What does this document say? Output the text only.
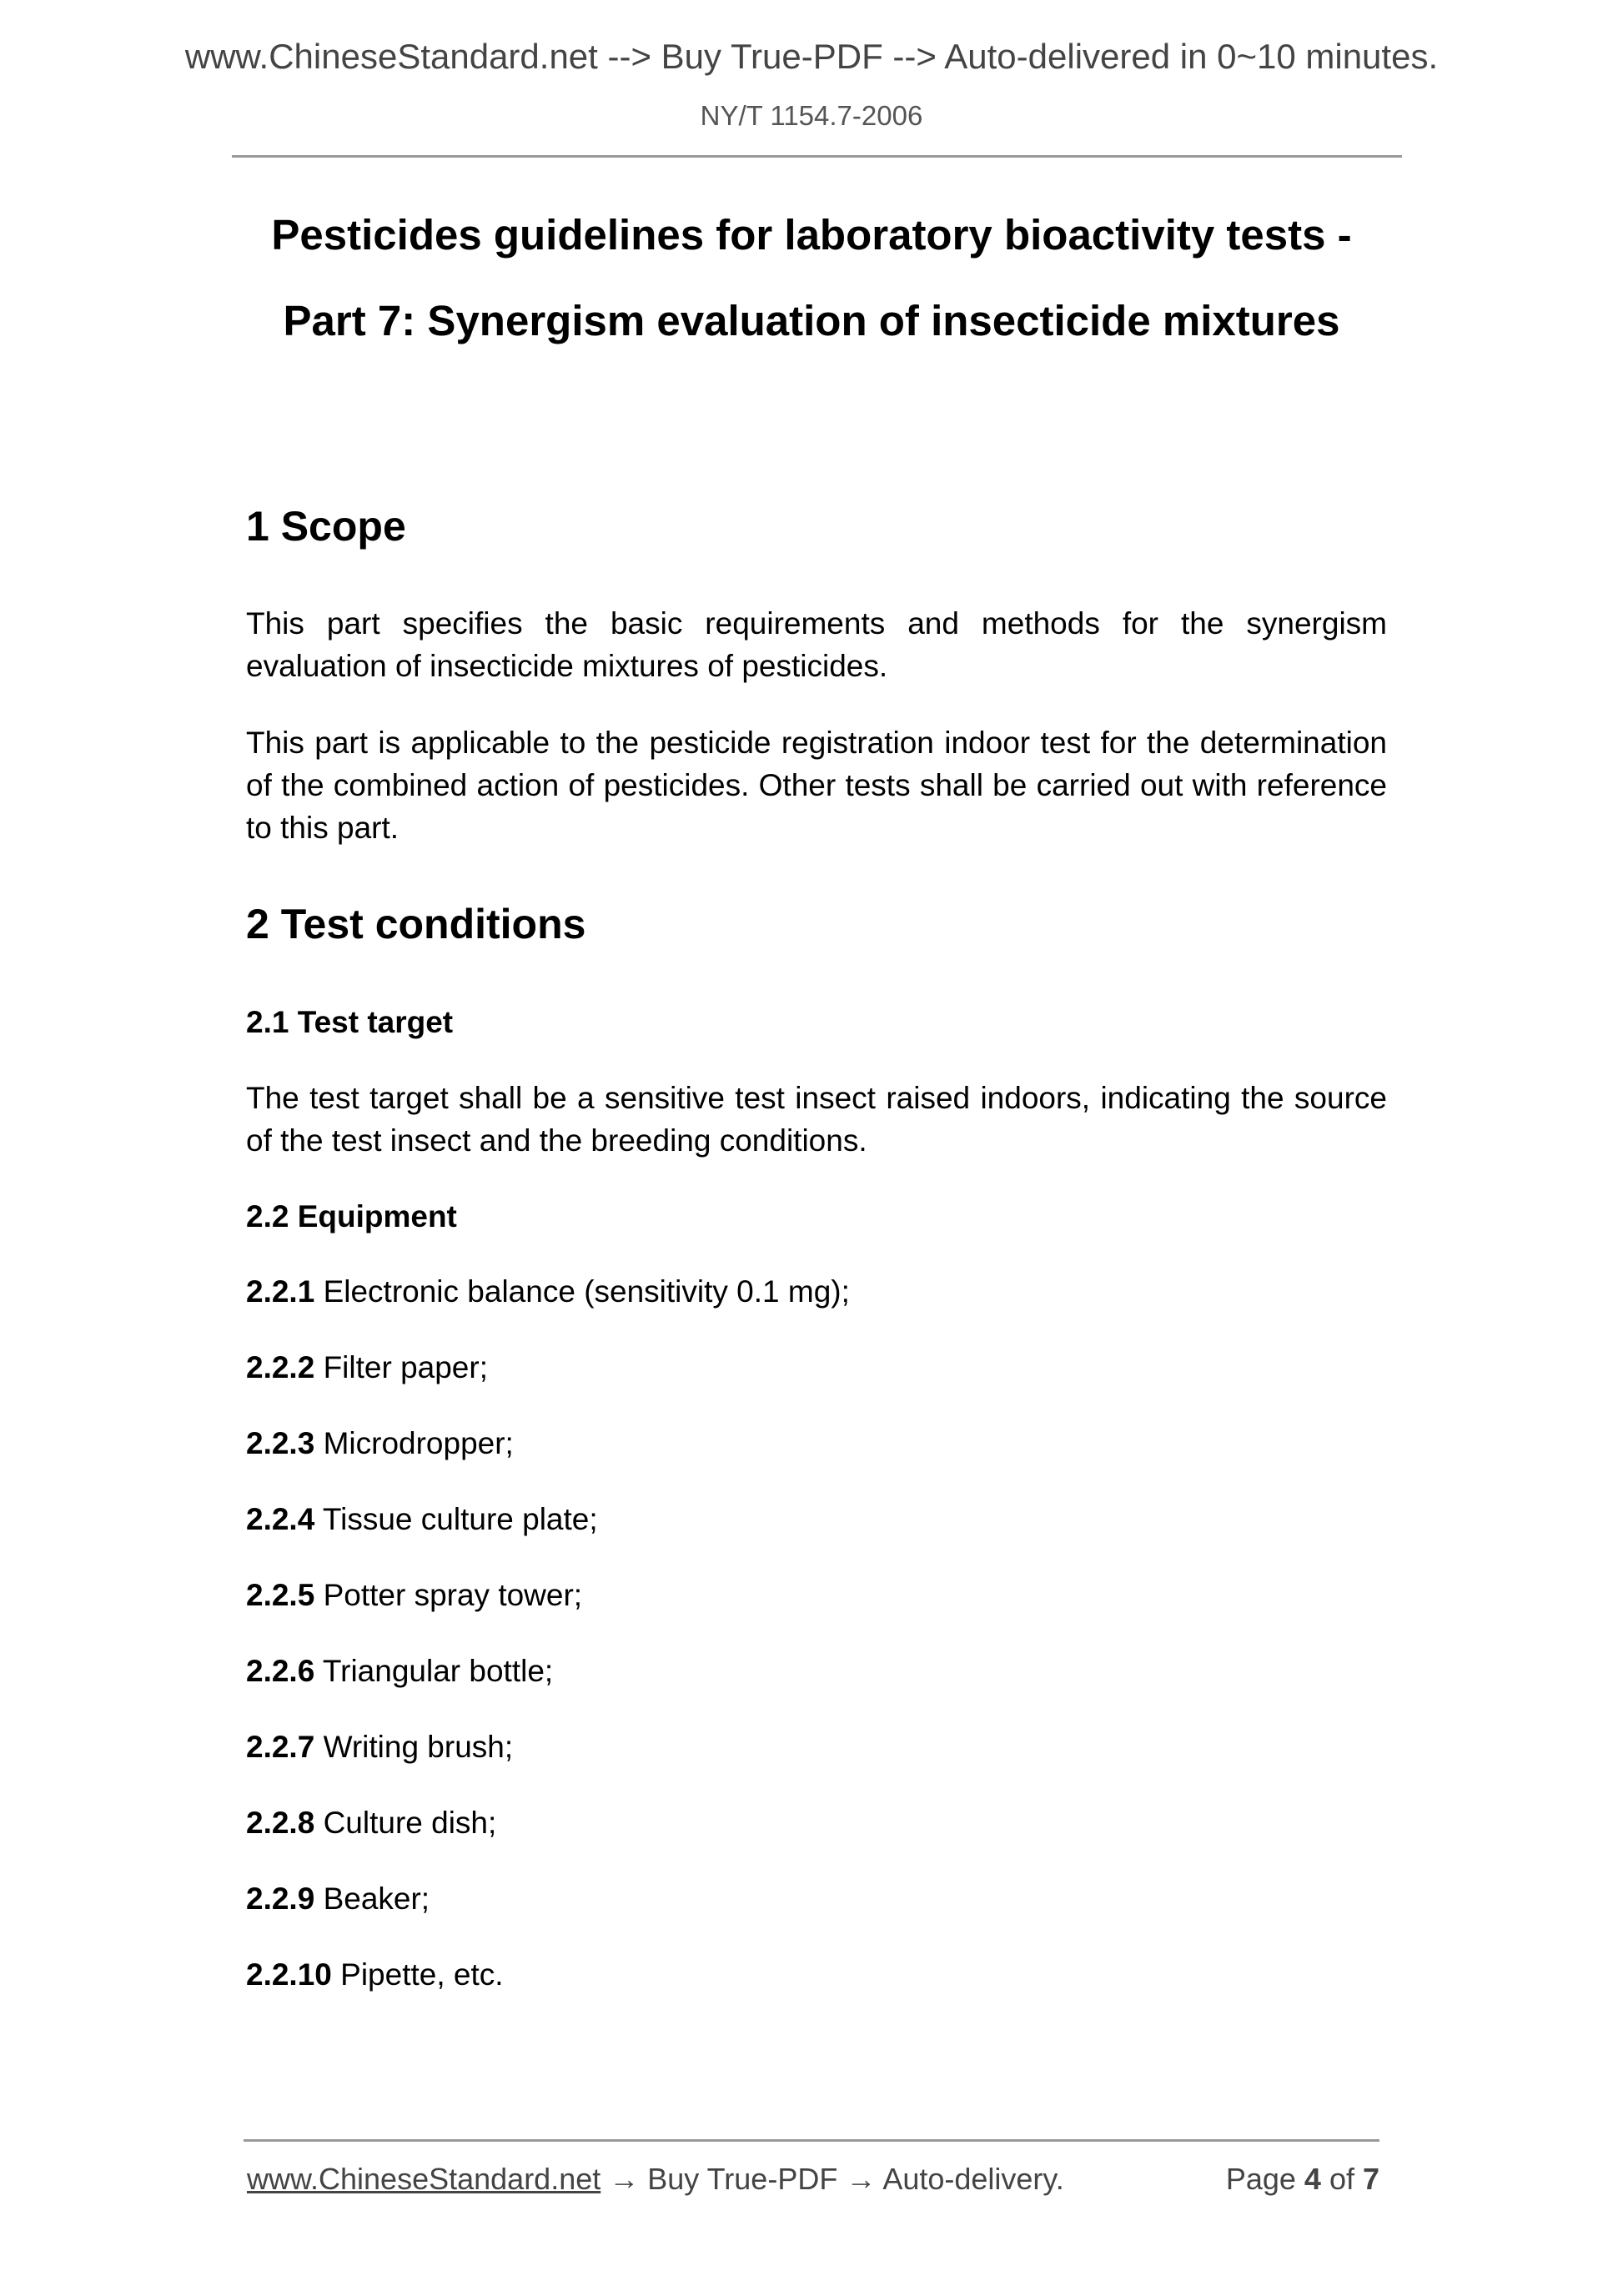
www.ChineseStandard.net --> Buy True-PDF --> Auto-delivered in 0~10 minutes.
NY/T 1154.7-2006
Pesticides guidelines for laboratory bioactivity tests -
Part 7: Synergism evaluation of insecticide mixtures
1 Scope
This part specifies the basic requirements and methods for the synergism evaluation of insecticide mixtures of pesticides.
This part is applicable to the pesticide registration indoor test for the determination of the combined action of pesticides. Other tests shall be carried out with reference to this part.
2 Test conditions
2.1 Test target
The test target shall be a sensitive test insect raised indoors, indicating the source of the test insect and the breeding conditions.
2.2 Equipment
2.2.1 Electronic balance (sensitivity 0.1 mg);
2.2.2 Filter paper;
2.2.3 Microdropper;
2.2.4 Tissue culture plate;
2.2.5 Potter spray tower;
2.2.6 Triangular bottle;
2.2.7 Writing brush;
2.2.8 Culture dish;
2.2.9 Beaker;
2.2.10 Pipette, etc.
www.ChineseStandard.net → Buy True-PDF → Auto-delivery.	Page 4 of 7
